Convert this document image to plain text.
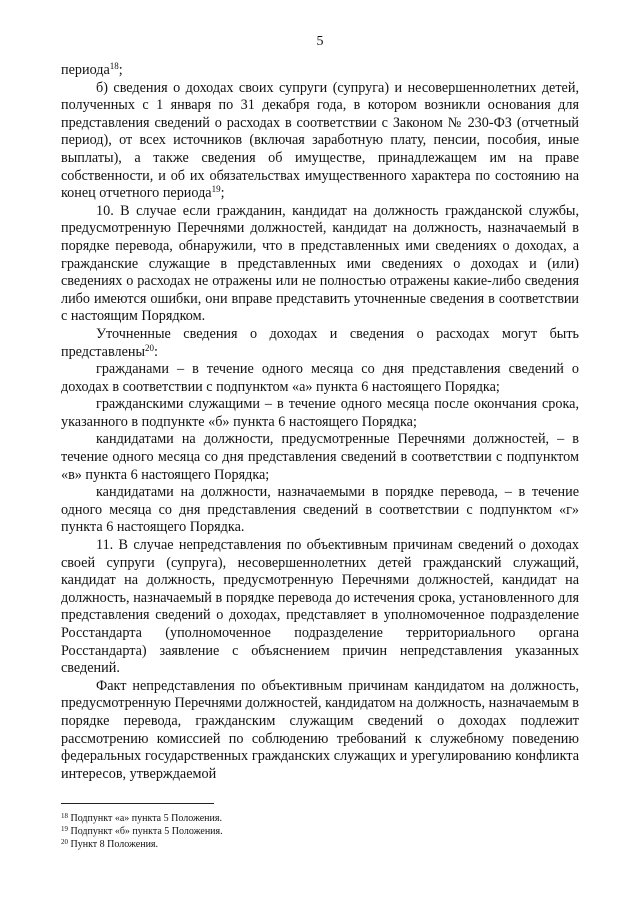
5

периода$^{18}$;

б) сведения о доходах своих супруги (супруга) и несовершеннолетних детей, полученных с 1 января по 31 декабря года, в котором возникли основания для представления сведений о расходах в соответствии с Законом № 230-ФЗ (отчетный период), от всех источников (включая заработную плату, пенсии, пособия, иные выплаты), а также сведения об имуществе, принадлежащем им на праве собственности, и об их обязательствах имущественного характера по состоянию на конец отчетного периода$^{19}$;

10. В случае если гражданин, кандидат на должность гражданской службы, предусмотренную Перечнями должностей, кандидат на должность, назначаемый в порядке перевода, обнаружили, что в представленных ими сведениях о доходах, а гражданские служащие в представленных ими сведениях о доходах и (или) сведениях о расходах не отражены или не полностью отражены какие-либо сведения либо имеются ошибки, они вправе представить уточненные сведения в соответствии с настоящим Порядком.

Уточненные сведения о доходах и сведения о расходах могут быть представлены$^{20}$:

гражданами – в течение одного месяца со дня представления сведений о доходах в соответствии с подпунктом «а» пункта 6 настоящего Порядка;

гражданскими служащими – в течение одного месяца после окончания срока, указанного в подпункте «б» пункта 6 настоящего Порядка;

кандидатами на должности, предусмотренные Перечнями должностей, – в течение одного месяца со дня представления сведений в соответствии с подпунктом «в» пункта 6 настоящего Порядка;

кандидатами на должности, назначаемыми в порядке перевода, – в течение одного месяца со дня представления сведений в соответствии с подпунктом «г» пункта 6 настоящего Порядка.

11. В случае непредставления по объективным причинам сведений о доходах своей супруги (супруга), несовершеннолетних детей гражданский служащий, кандидат на должность, предусмотренную Перечнями должностей, кандидат на должность, назначаемый в порядке перевода до истечения срока, установленного для представления сведений о доходах, представляет в уполномоченное подразделение Росстандарта (уполномоченное подразделение территориального органа Росстандарта) заявление с объяснением причин непредставления указанных сведений.

Факт непредставления по объективным причинам кандидатом на должность, предусмотренную Перечнями должностей, кандидатом на должность, назначаемым в порядке перевода, гражданским служащим сведений о доходах подлежит рассмотрению комиссией по соблюдению требований к служебному поведению федеральных государственных гражданских служащих и урегулированию конфликта интересов, утверждаемой

$^{18}$ Подпункт «а» пункта 5 Положения.
$^{19}$ Подпункт «б» пункта 5 Положения.
$^{20}$ Пункт 8 Положения.
